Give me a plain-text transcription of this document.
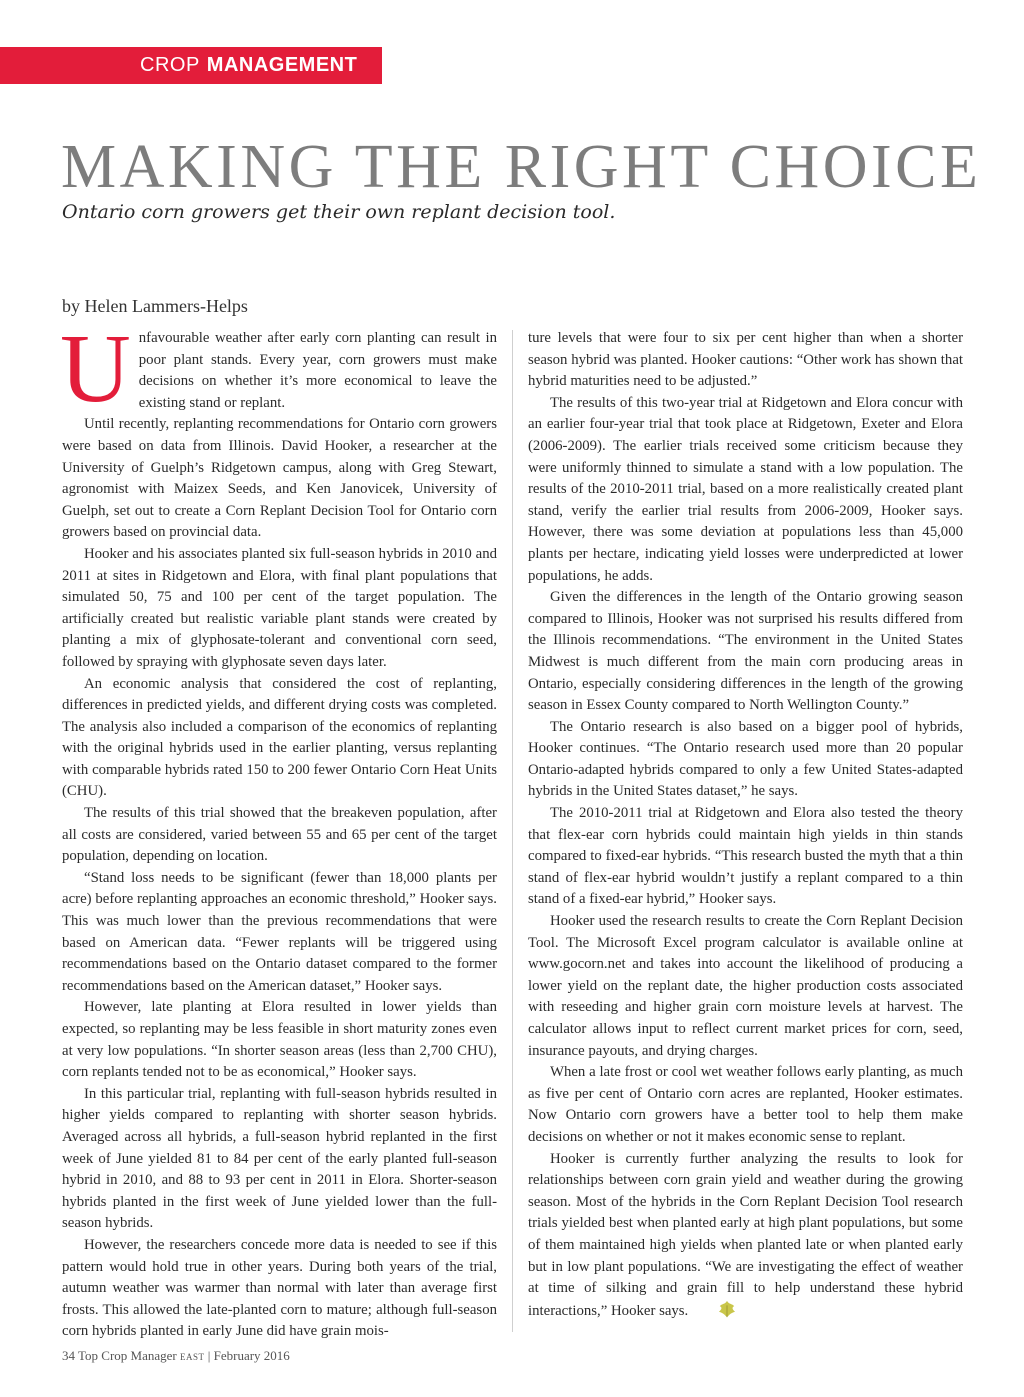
CROP MANAGEMENT
MAKING THE RIGHT CHOICE

Ontario corn growers get their own replant decision tool.

by Helen Lammers-Helps

Unfavourable weather after early corn planting can result in poor plant stands. Every year, corn growers must make decisions on whether it’s more economical to leave the existing stand or replant.

Until recently, replanting recommendations for Ontario corn growers were based on data from Illinois. David Hooker, a researcher at the University of Guelph’s Ridgetown campus, along with Greg Stewart, agronomist with Maizex Seeds, and Ken Janovicek, University of Guelph, set out to create a Corn Replant Decision Tool for Ontario corn growers based on provincial data.

Hooker and his associates planted six full-season hybrids in 2010 and 2011 at sites in Ridgetown and Elora, with final plant populations that simulated 50, 75 and 100 per cent of the target population. The artificially created but realistic variable plant stands were created by planting a mix of glyphosate-tolerant and conventional corn seed, followed by spraying with glyphosate seven days later.

An economic analysis that considered the cost of replanting, differences in predicted yields, and different drying costs was completed. The analysis also included a comparison of the economics of replanting with the original hybrids used in the earlier planting, versus replanting with comparable hybrids rated 150 to 200 fewer Ontario Corn Heat Units (CHU).

The results of this trial showed that the breakeven population, after all costs are considered, varied between 55 and 65 per cent of the target population, depending on location.

“Stand loss needs to be significant (fewer than 18,000 plants per acre) before replanting approaches an economic threshold,” Hooker says. This was much lower than the previous recommendations that were based on American data. “Fewer replants will be triggered using recommendations based on the Ontario dataset compared to the former recommendations based on the American dataset,” Hooker says.

However, late planting at Elora resulted in lower yields than expected, so replanting may be less feasible in short maturity zones even at very low populations. “In shorter season areas (less than 2,700 CHU), corn replants tended not to be as economical,” Hooker says.

In this particular trial, replanting with full-season hybrids resulted in higher yields compared to replanting with shorter season hybrids. Averaged across all hybrids, a full-season hybrid replanted in the first week of June yielded 81 to 84 per cent of the early planted full-season hybrid in 2010, and 88 to 93 per cent in 2011 in Elora. Shorter-season hybrids planted in the first week of June yielded lower than the full-season hybrids.

However, the researchers concede more data is needed to see if this pattern would hold true in other years. During both years of the trial, autumn weather was warmer than normal with later than average first frosts. This allowed the late-planted corn to mature; although full-season corn hybrids planted in early June did have grain mois-

ture levels that were four to six per cent higher than when a shorter season hybrid was planted. Hooker cautions: “Other work has shown that hybrid maturities need to be adjusted.”

The results of this two-year trial at Ridgetown and Elora concur with an earlier four-year trial that took place at Ridgetown, Exeter and Elora (2006-2009). The earlier trials received some criticism because they were uniformly thinned to simulate a stand with a low population. The results of the 2010-2011 trial, based on a more realistically created plant stand, verify the earlier trial results from 2006-2009, Hooker says. However, there was some deviation at populations less than 45,000 plants per hectare, indicating yield losses were underpredicted at lower populations, he adds.

Given the differences in the length of the Ontario growing season compared to Illinois, Hooker was not surprised his results differed from the Illinois recommendations. “The environment in the United States Midwest is much different from the main corn producing areas in Ontario, especially considering differences in the length of the growing season in Essex County compared to North Wellington County.”

The Ontario research is also based on a bigger pool of hybrids, Hooker continues. “The Ontario research used more than 20 popular Ontario-adapted hybrids compared to only a few United States-adapted hybrids in the United States dataset,” he says.

The 2010-2011 trial at Ridgetown and Elora also tested the theory that flex-ear corn hybrids could maintain high yields in thin stands compared to fixed-ear hybrids. “This research busted the myth that a thin stand of flex-ear hybrid wouldn’t justify a replant compared to a thin stand of a fixed-ear hybrid,” Hooker says.

Hooker used the research results to create the Corn Replant Decision Tool. The Microsoft Excel program calculator is available online at www.gocorn.net and takes into account the likelihood of producing a lower yield on the replant date, the higher production costs associated with reseeding and higher grain corn moisture levels at harvest. The calculator allows input to reflect current market prices for corn, seed, insurance payouts, and drying charges.

When a late frost or cool wet weather follows early planting, as much as five per cent of Ontario corn acres are replanted, Hooker estimates. Now Ontario corn growers have a better tool to help them make decisions on whether or not it makes economic sense to replant.

Hooker is currently further analyzing the results to look for relationships between corn grain yield and weather during the growing season. Most of the hybrids in the Corn Replant Decision Tool research trials yielded best when planted early at high plant populations, but some of them maintained high yields when planted late or when planted early but in low plant populations. “We are investigating the effect of weather at time of silking and grain fill to help understand these hybrid interactions,” Hooker says.

34 Top Crop Manager EAST | February 2016
